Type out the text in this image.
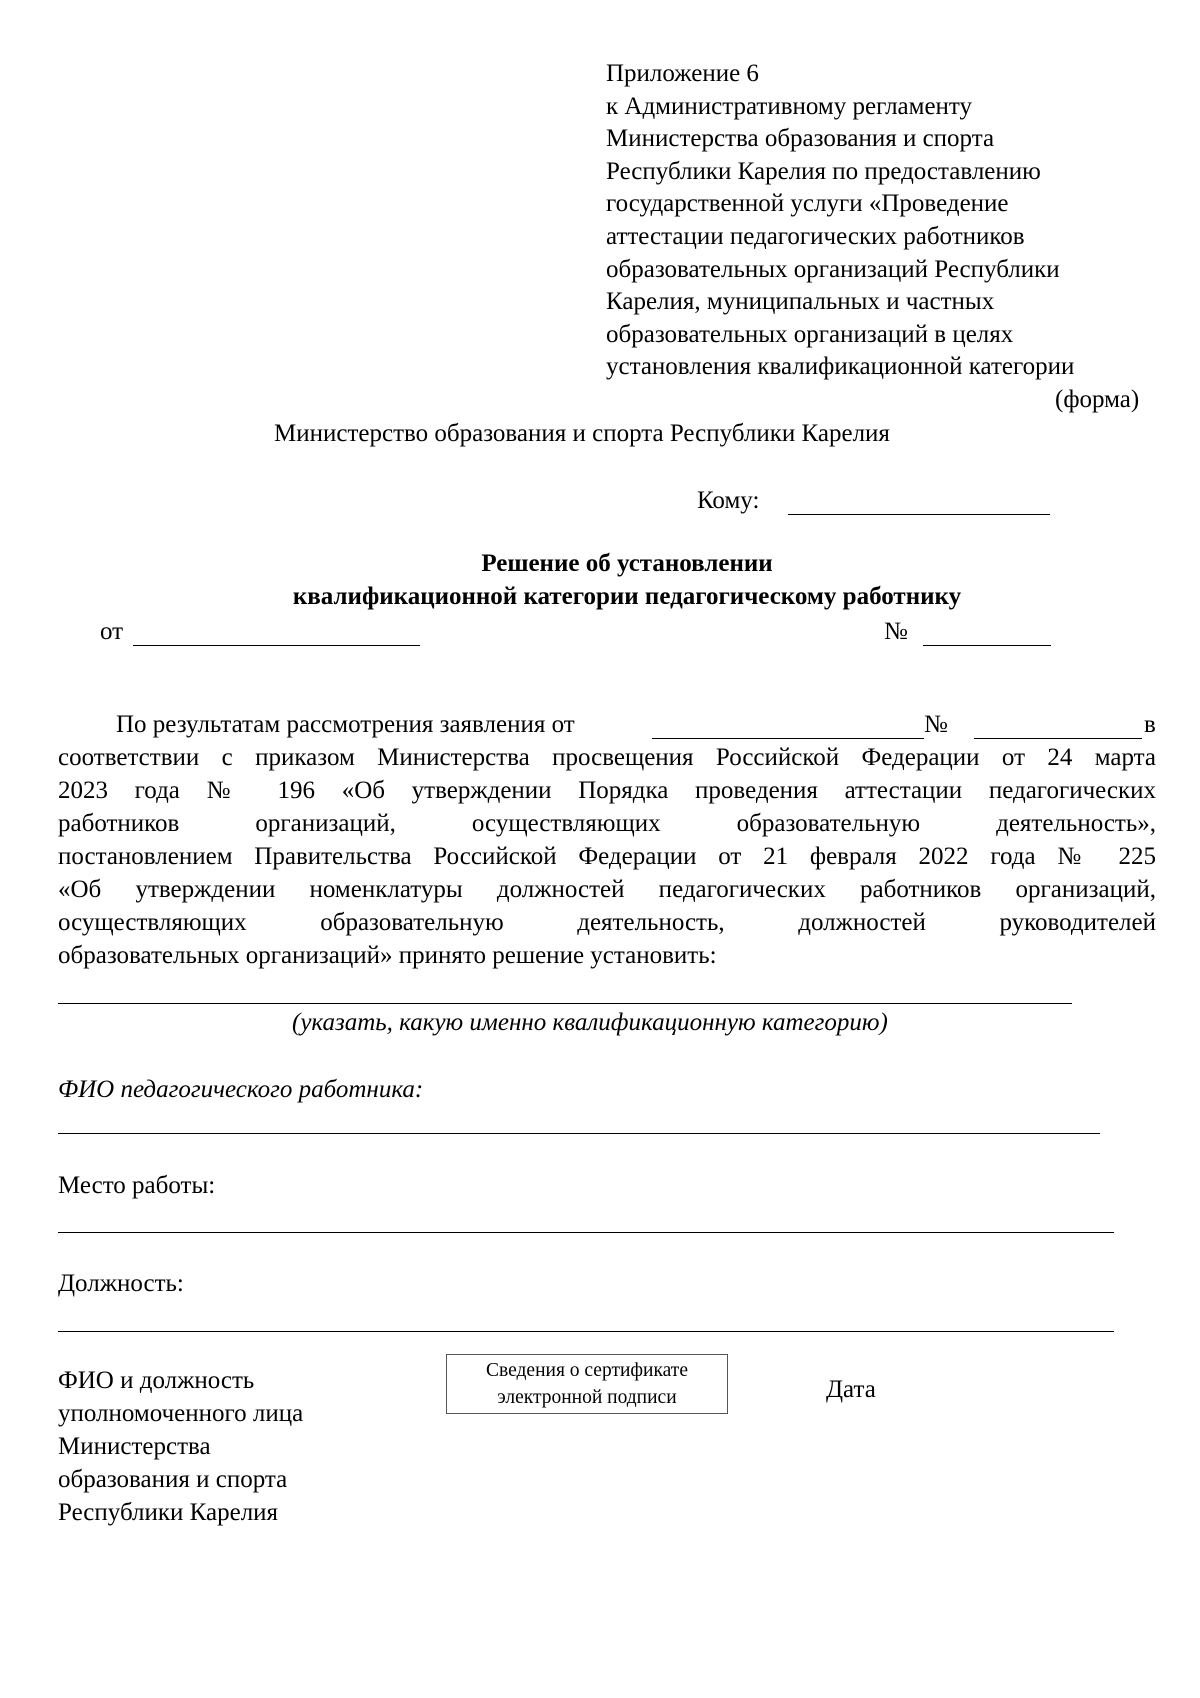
Приложение 6
к Административному регламенту
Министерства образования и спорта
Республики Карелия по предоставлению
государственной услуги «Проведение
аттестации педагогических работников
образовательных организаций Республики
Карелия, муниципальных и частных
образовательных организаций в целях
установления квалификационной категории
(форма)
Министерство образования и спорта Республики Карелия
Кому:
Решение об установлении
квалификационной категории педагогическому работнику
от	№
По результатам рассмотрения заявления от	№	в
соответствии с приказом Министерства просвещения Российской Федерации от 24 марта
2023 года № 196 «Об утверждении Порядка проведения аттестации педагогических
работников организаций, осуществляющих образовательную деятельность»,
постановлением Правительства Российской Федерации от 21 февраля 2022 года № 225
«Об утверждении номенклатуры должностей педагогических работников организаций,
осуществляющих образовательную деятельность, должностей руководителей
образовательных организаций» принято решение установить:
(указать, какую именно квалификационную категорию)
ФИО педагогического работника:
Место работы:
Должность:
ФИО и должность
уполномоченного лица
Министерства
образования и спорта
Республики Карелия
Сведения о сертификате
электронной подписи	Дата
